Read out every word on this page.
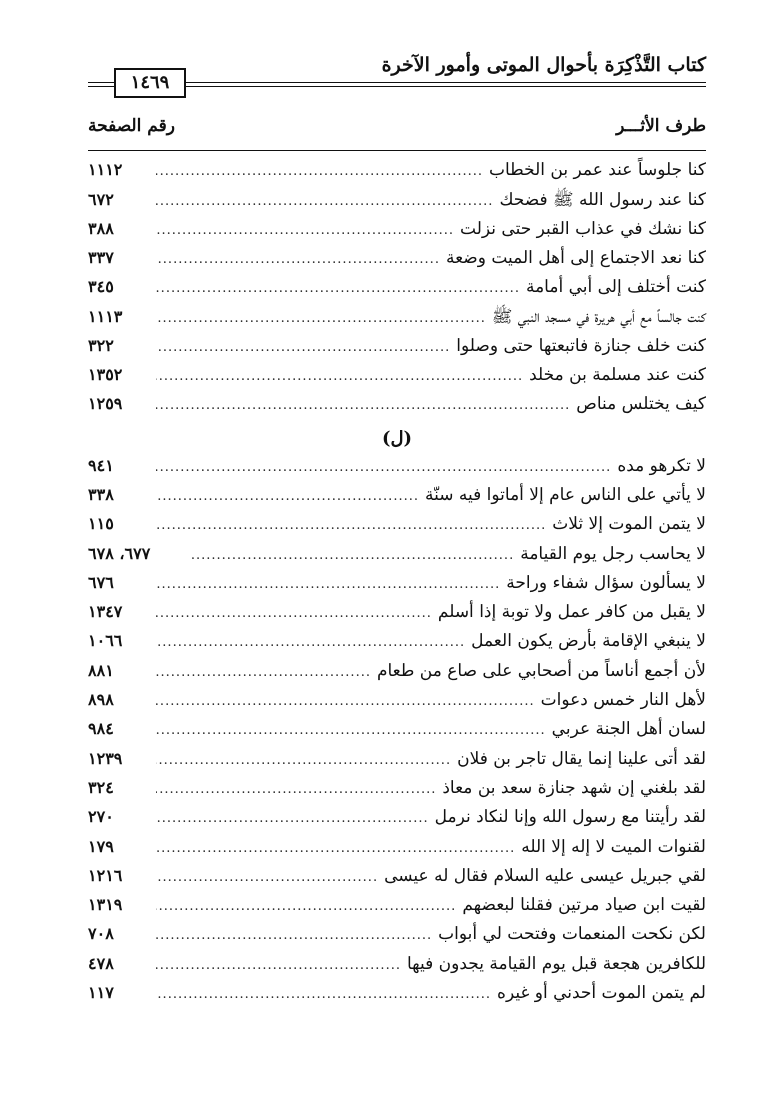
كتاب التَّذْكِرَة بأحوال الموتى وأمور الآخرة
١٤٦٩
طرف الأثـــر
رقم الصفحة
كنا جلوساً عند عمر بن الخطاب
.....
١١١٢
كنا عند رسول الله ﷺ فضحك
.....
٦٧٢
كنا نشك في عذاب القبر حتى نزلت
.....
٣٨٨
كنا نعد الاجتماع إلى أهل الميت وضعة
.....
٣٣٧
كنت أختلف إلى أبي أمامة
.....
٣٤٥
كنت جالساً مع أبي هريرة في مسجد النبي ﷺ
.....
١١١٣
كنت خلف جنازة فاتبعتها حتى وصلوا
.....
٣٢٢
كنت عند مسلمة بن مخلد
.....
١٣٥٢
كيف يختلس مناص
.....
١٢٥٩
(ل)
لا تكرهو مده
.....
٩٤١
لا يأتي على الناس عام إلا أماتوا فيه سنّة
.....
٣٣٨
لا يتمن الموت إلا ثلاث
.....
١١٥
لا يحاسب رجل يوم القيامة
.....
٦٧٧، ٦٧٨
لا يسألون سؤال شفاء وراحة
.....
٦٧٦
لا يقبل من كافر عمل ولا توبة إذا أسلم
.....
١٣٤٧
لا ينبغي الإقامة بأرض يكون العمل
.....
١٠٦٦
لأن أجمع أناساً من أصحابي على صاع من طعام
.....
٨٨١
لأهل النار خمس دعوات
.....
٨٩٨
لسان أهل الجنة عربي
.....
٩٨٤
لقد أتى علينا إنما يقال تاجر بن فلان
.....
١٢٣٩
لقد بلغني إن شهد جنازة سعد بن معاذ
.....
٣٢٤
لقد رأيتنا مع رسول الله وإنا لنكاد نرمل
.....
٢٧٠
لقنوات الميت لا إله إلا الله
.....
١٧٩
لقي جبريل عيسى عليه السلام فقال له عيسى
.....
١٢١٦
لقيت ابن صياد مرتين فقلنا لبعضهم
.....
١٣١٩
لكن نكحت المنعمات وفتحت لي أبواب
.....
٧٠٨
للكافرين هجعة قبل يوم القيامة يجدون فيها
.....
٤٧٨
لم يتمن الموت أحدني أو غيره
.....
١١٧
